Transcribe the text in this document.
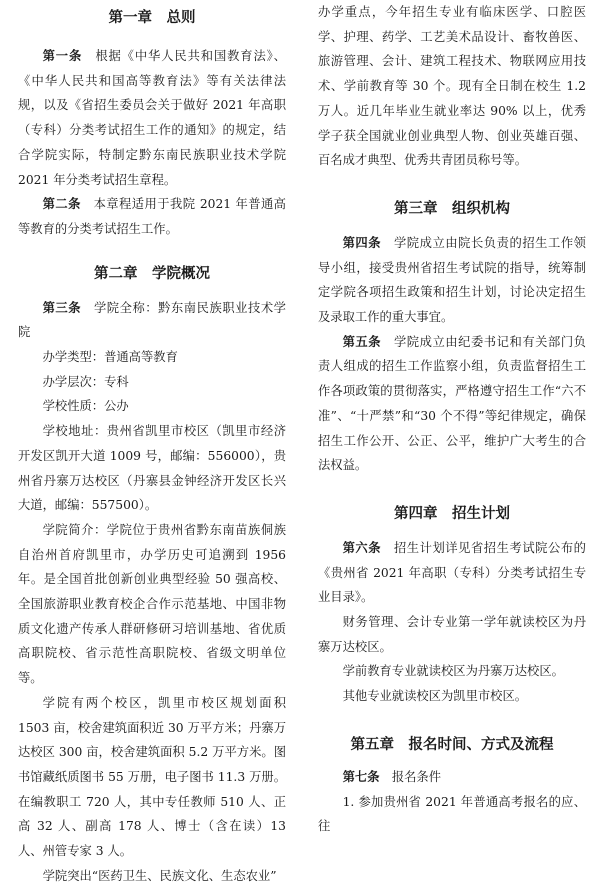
第一章　总则

第一条　 根据《中华人民共和国教育法》、《中华人民共和国高等教育法》等有关法律法规，以及《省招生委员会关于做好 2021 年高职（专科）分类考试招生工作的通知》的规定，结合学院实际，特制定黔东南民族职业技术学院 2021 年分类考试招生章程。

第二条　 本章程适用于我院 2021 年普通高等教育的分类考试招生工作。

第二章　学院概况

第三条　 学院全称：黔东南民族职业技术学院

办学类型：普通高等教育

办学层次：专科

学校性质：公办

学校地址：贵州省凯里市校区（凯里市经济开发区凯开大道 1009 号，邮编：556000），贵州省丹寨万达校区（丹寨县金钟经济开发区长兴大道，邮编：557500）。

学院简介：学院位于贵州省黔东南苗族侗族自治州首府凯里市，办学历史可追溯到 1956 年。是全国首批创新创业典型经验 50 强高校、全国旅游职业教育校企合作示范基地、中国非物质文化遗产传承人群研修研习培训基地、省优质高职院校、省示范性高职院校、省级文明单位等。

学院有两个校区，凯里市校区规划面积 1503 亩，校舍建筑面积近 30 万平方米；丹寨万达校区 300 亩，校舍建筑面积 5.2 万平方米。图书馆藏纸质图书 55 万册，电子图书 11.3 万册。在编教职工 720 人，其中专任教师 510 人、正高 32 人、副高 178 人、博士（含在读）13 人、州管专家 3 人。

学院突出“医药卫生、民族文化、生态农业”

办学重点，今年招生专业有临床医学、口腔医学、护理、药学、工艺美术品设计、畜牧兽医、旅游管理、会计、建筑工程技术、物联网应用技术、学前教育等 30 个。现有全日制在校生 1.2 万人。近几年毕业生就业率达 90% 以上，优秀学子获全国就业创业典型人物、创业英雄百强、百名成才典型、优秀共青团员称号等。

第三章　组织机构

第四条　 学院成立由院长负责的招生工作领导小组，接受贵州省招生考试院的指导，统筹制定学院各项招生政策和招生计划，讨论决定招生及录取工作的重大事宜。

第五条　 学院成立由纪委书记和有关部门负责人组成的招生工作监察小组，负责监督招生工作各项政策的贯彻落实，严格遵守招生工作“六不准”、“十严禁”和“30 个不得”等纪律规定，确保招生工作公开、公正、公平，维护广大考生的合法权益。

第四章　招生计划

第六条　 招生计划详见省招生考试院公布的《贵州省 2021 年高职（专科）分类考试招生专业目录》。

财务管理、会计专业第一学年就读校区为丹寨万达校区。

学前教育专业就读校区为丹寨万达校区。

其他专业就读校区为凯里市校区。

第五章　报名时间、方式及流程

第七条　 报名条件

1. 参加贵州省 2021 年普通高考报名的应、往
